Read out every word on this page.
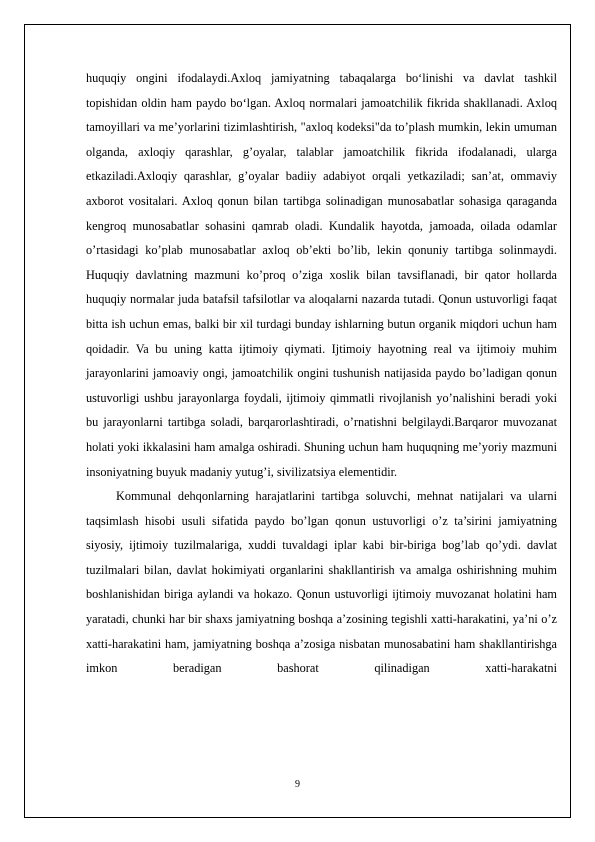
huquqiy ongini ifodalaydi.Axloq jamiyatning tabaqalarga bo‘linishi va davlat tashkil topishidan oldin ham paydo bo‘lgan. Axloq normalari jamoatchilik fikrida shakllanadi. Axloq tamoyillari va me’yorlarini tizimlashtirish, "axloq kodeksi"da to’plash mumkin, lekin umuman olganda, axloqiy qarashlar, g’oyalar, talablar jamoatchilik fikrida ifodalanadi, ularga etkaziladi.Axloqiy qarashlar, g’oyalar badiiy adabiyot orqali yetkaziladi; san’at, ommaviy axborot vositalari. Axloq qonun bilan tartibga solinadigan munosabatlar sohasiga qaraganda kengroq munosabatlar sohasini qamrab oladi. Kundalik hayotda, jamoada, oilada odamlar o’rtasidagi ko’plab munosabatlar axloq ob’ekti bo’lib, lekin qonuniy tartibga solinmaydi. Huquqiy davlatning mazmuni ko’proq o’ziga xoslik bilan tavsiflanadi, bir qator hollarda huquqiy normalar juda batafsil tafsilotlar va aloqalarni nazarda tutadi. Qonun ustuvorligi faqat bitta ish uchun emas, balki bir xil turdagi bunday ishlarning butun organik miqdori uchun ham qoidadir. Va bu uning katta ijtimoiy qiymati. Ijtimoiy hayotning real va ijtimoiy muhim jarayonlarini jamoaviy ongi, jamoatchilik ongini tushunish natijasida paydo bo’ladigan qonun ustuvorligi ushbu jarayonlarga foydali, ijtimoiy qimmatli rivojlanish yo’nalishini beradi yoki bu jarayonlarni tartibga soladi, barqarorlashtiradi, o’rnatishni belgilaydi.Barqaror muvozanat holati yoki ikkalasini ham amalga oshiradi. Shuning uchun ham huquqning me’yoriy mazmuni insoniyatning buyuk madaniy yutug’i, sivilizatsiya elementidir.

Kommunal dehqonlarning harajatlarini tartibga soluvchi, mehnat natijalari va ularni taqsimlash hisobi usuli sifatida paydo bo’lgan qonun ustuvorligi o’z ta’sirini jamiyatning siyosiy, ijtimoiy tuzilmalariga, xuddi tuvaldagi iplar kabi bir-biriga bog’lab qo’ydi. davlat tuzilmalari bilan, davlat hokimiyati organlarini shakllantirish va amalga oshirishning muhim boshlanishidan biriga aylandi va hokazo. Qonun ustuvorligi ijtimoiy muvozanat holatini ham yaratadi, chunki har bir shaxs jamiyatning boshqa a’zosining tegishli xatti-harakatini, ya’ni o’z xatti-harakatini ham, jamiyatning boshqa a’zosiga nisbatan munosabatini ham shakllantirishga imkon beradigan bashorat qilinadigan xatti-harakatni

9
